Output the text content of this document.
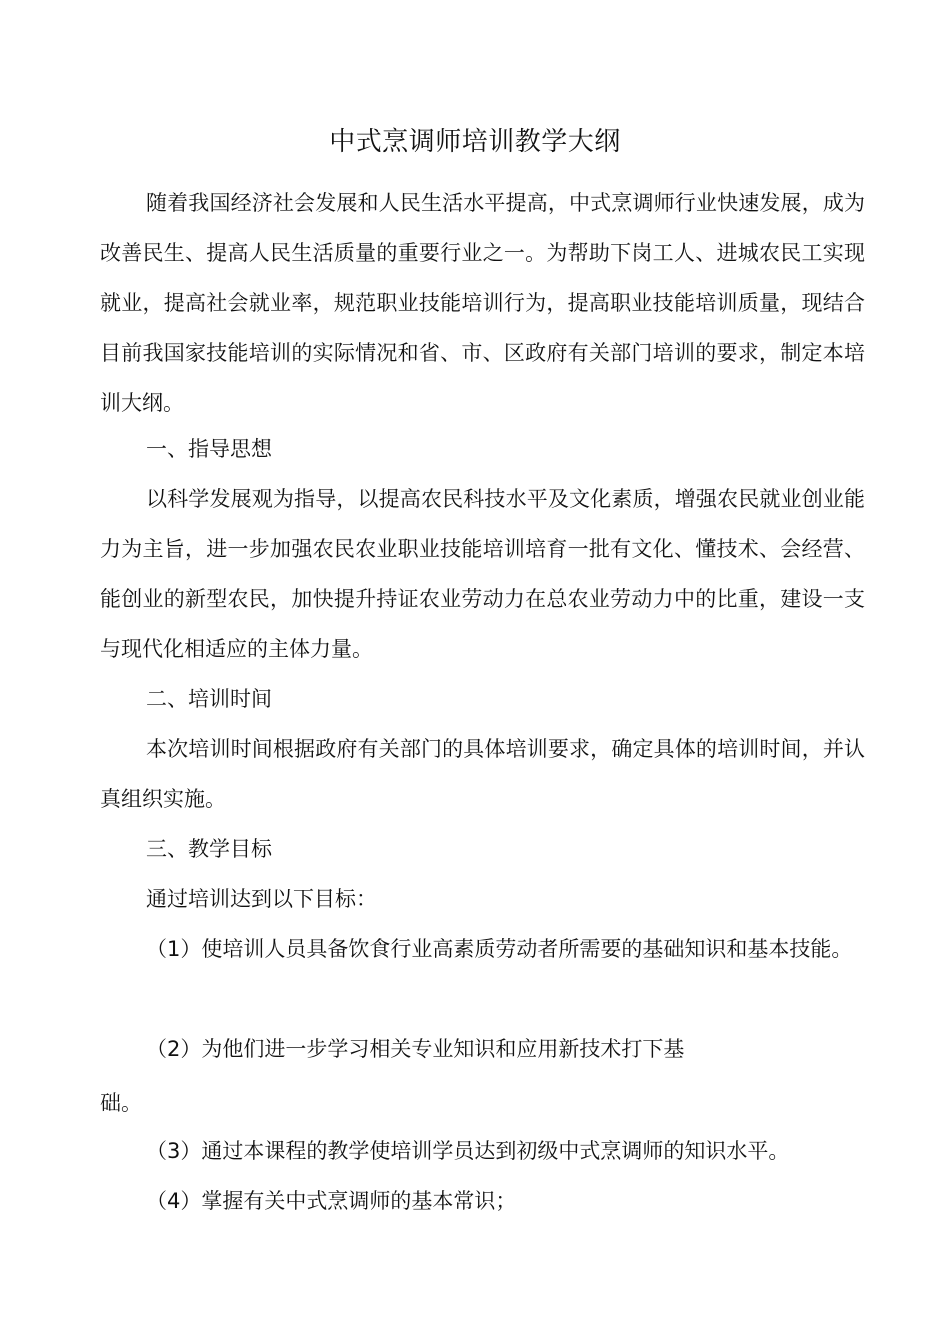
中式烹调师培训教学大纲
随着我国经济社会发展和人民生活水平提高，中式烹调师行业快速发展，成为改善民生、提高人民生活质量的重要行业之一。为帮助下岗工人、进城农民工实现就业，提高社会就业率，规范职业技能培训行为，提高职业技能培训质量，现结合目前我国家技能培训的实际情况和省、市、区政府有关部门培训的要求，制定本培训大纲。
一、指导思想
以科学发展观为指导，以提高农民科技水平及文化素质，增强农民就业创业能力为主旨，进一步加强农民农业职业技能培训培育一批有文化、懂技术、会经营、能创业的新型农民，加快提升持证农业劳动力在总农业劳动力中的比重，建设一支与现代化相适应的主体力量。
二、培训时间
本次培训时间根据政府有关部门的具体培训要求，确定具体的培训时间，并认真组织实施。
三、教学目标
通过培训达到以下目标：
（1）使培训人员具备饮食行业高素质劳动者所需要的基础知识和基本技能。
（2）为他们进一步学习相关专业知识和应用新技术打下基
础。
（3）通过本课程的教学使培训学员达到初级中式烹调师的知识水平。
（4）掌握有关中式烹调师的基本常识；
